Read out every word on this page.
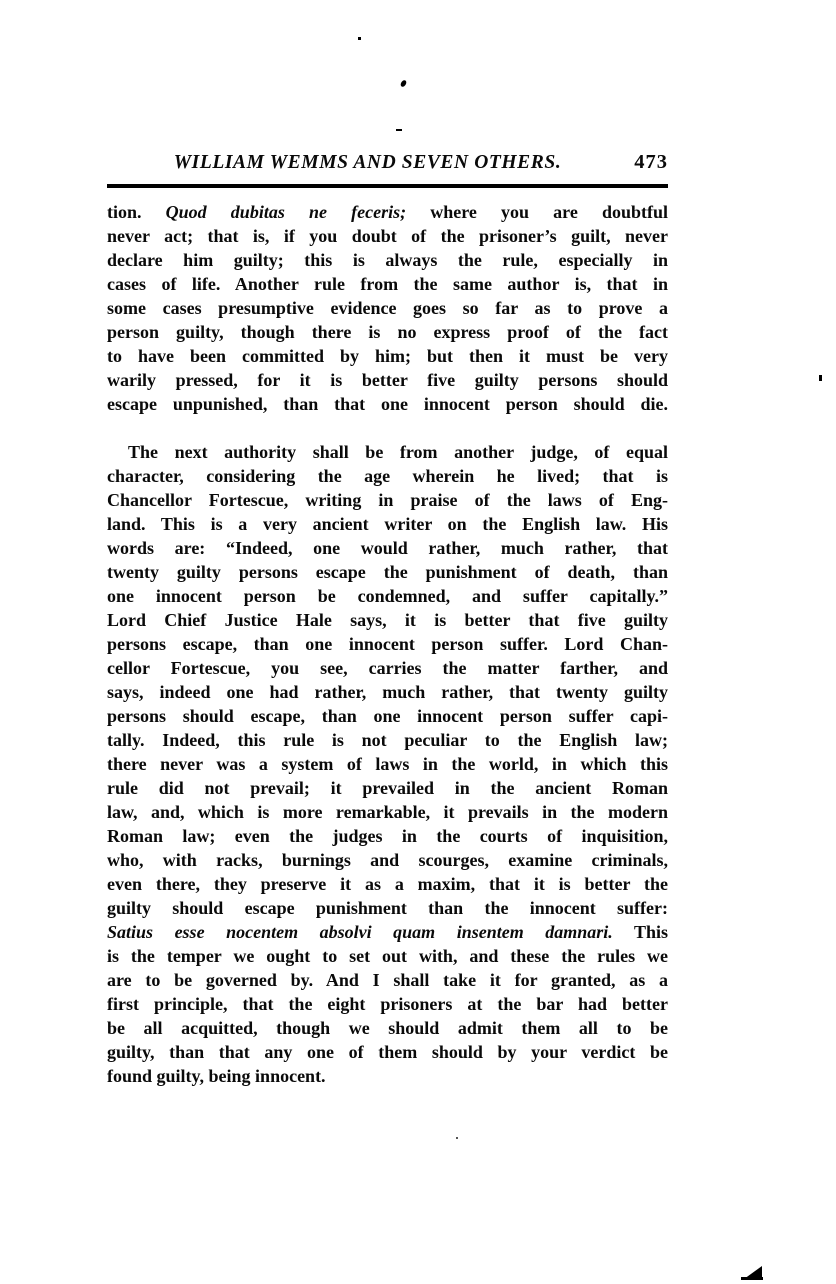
WILLIAM WEMMS AND SEVEN OTHERS.	473
tion. Quod dubitas ne feceris; where you are doubtful
never act; that is, if you doubt of the prisoner’s guilt, never
declare him guilty; this is always the rule, especially in
cases of life. Another rule from the same author is, that in
some cases presumptive evidence goes so far as to prove a
person guilty, though there is no express proof of the fact
to have been committed by him; but then it must be very
warily pressed, for it is better five guilty persons should
escape unpunished, than that one innocent person should die.
The next authority shall be from another judge, of equal
character, considering the age wherein he lived; that is
Chancellor Fortescue, writing in praise of the laws of Eng-
land. This is a very ancient writer on the English law. His
words are: “Indeed, one would rather, much rather, that
twenty guilty persons escape the punishment of death, than
one innocent person be condemned, and suffer capitally.”
Lord Chief Justice Hale says, it is better that five guilty
persons escape, than one innocent person suffer. Lord Chan-
cellor Fortescue, you see, carries the matter farther, and
says, indeed one had rather, much rather, that twenty guilty
persons should escape, than one innocent person suffer capi-
tally. Indeed, this rule is not peculiar to the English law;
there never was a system of laws in the world, in which this
rule did not prevail; it prevailed in the ancient Roman
law, and, which is more remarkable, it prevails in the modern
Roman law; even the judges in the courts of inquisition,
who, with racks, burnings and scourges, examine criminals,
even there, they preserve it as a maxim, that it is better the
guilty should escape punishment than the innocent suffer:
Satius esse nocentem absolvi quam insentem damnari. This
is the temper we ought to set out with, and these the rules we
are to be governed by. And I shall take it for granted, as a
first principle, that the eight prisoners at the bar had better
be all acquitted, though we should admit them all to be
guilty, than that any one of them should by your verdict be
found guilty, being innocent.
